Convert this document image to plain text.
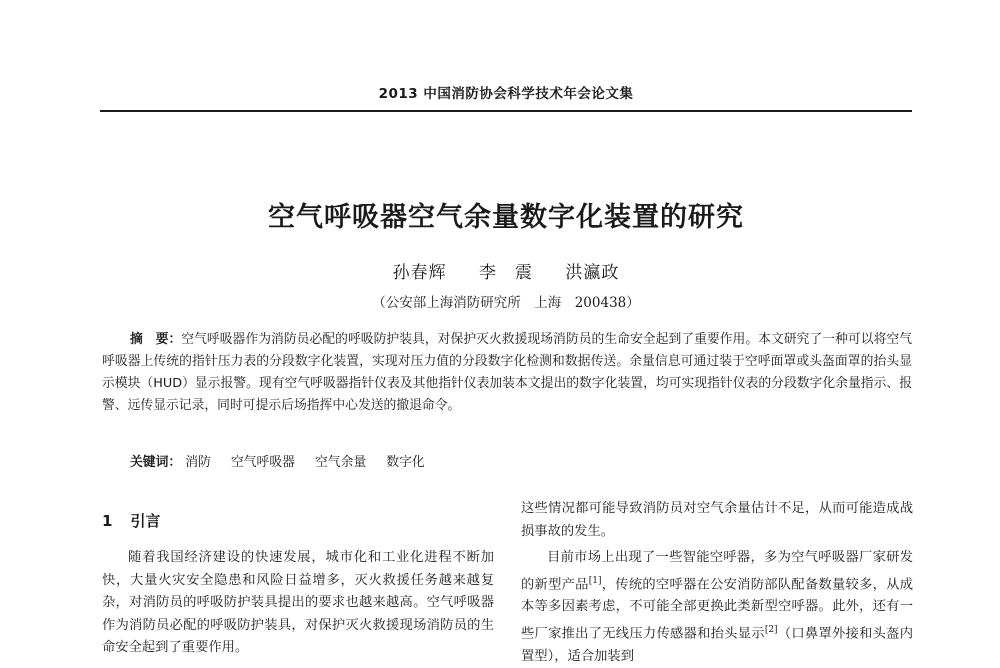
2013 中国消防协会科学技术年会论文集
空气呼吸器空气余量数字化装置的研究
孙春辉 李　震 洪瀛政
（公安部上海消防研究所　上海　200438）
摘　要：空气呼吸器作为消防员必配的呼吸防护装具，对保护灭火救援现场消防员的生命安全起到了重要作用。本文研究了一种可以将空气呼吸器上传统的指针压力表的分段数字化装置，实现对压力值的分段数字化检测和数据传送。余量信息可通过装于空呼面罩或头盔面罩的抬头显示模块（HUD）显示报警。现有空气呼吸器指针仪表及其他指针仪表加装本文提出的数字化装置，均可实现指针仪表的分段数字化余量指示、报警、远传显示记录，同时可提示后场指挥中心发送的撤退命令。
关键词： 消防 空气呼吸器 空气余量 数字化
1 引言

随着我国经济建设的快速发展，城市化和工业化进程不断加快，大量火灾安全隐患和风险日益增多，灭火救援任务越来越复杂，对消防员的呼吸防护装具提出的要求也越来越高。空气呼吸器作为消防员必配的呼吸防护装具，对保护灭火救援现场消防员的生命安全起到了重要作用。

这些情况都可能导致消防员对空气余量估计不足，从而可能造成战损事故的发生。

目前市场上出现了一些智能空呼器，多为空气呼吸器厂家研发的新型产品[1]，传统的空呼器在公安消防部队配备数量较多，从成本等多因素考虑，不可能全部更换此类新型空呼器。此外，还有一些厂家推出了无线压力传感器和抬头显示[2]（口鼻罩外接和头盔内置型），适合加装到
